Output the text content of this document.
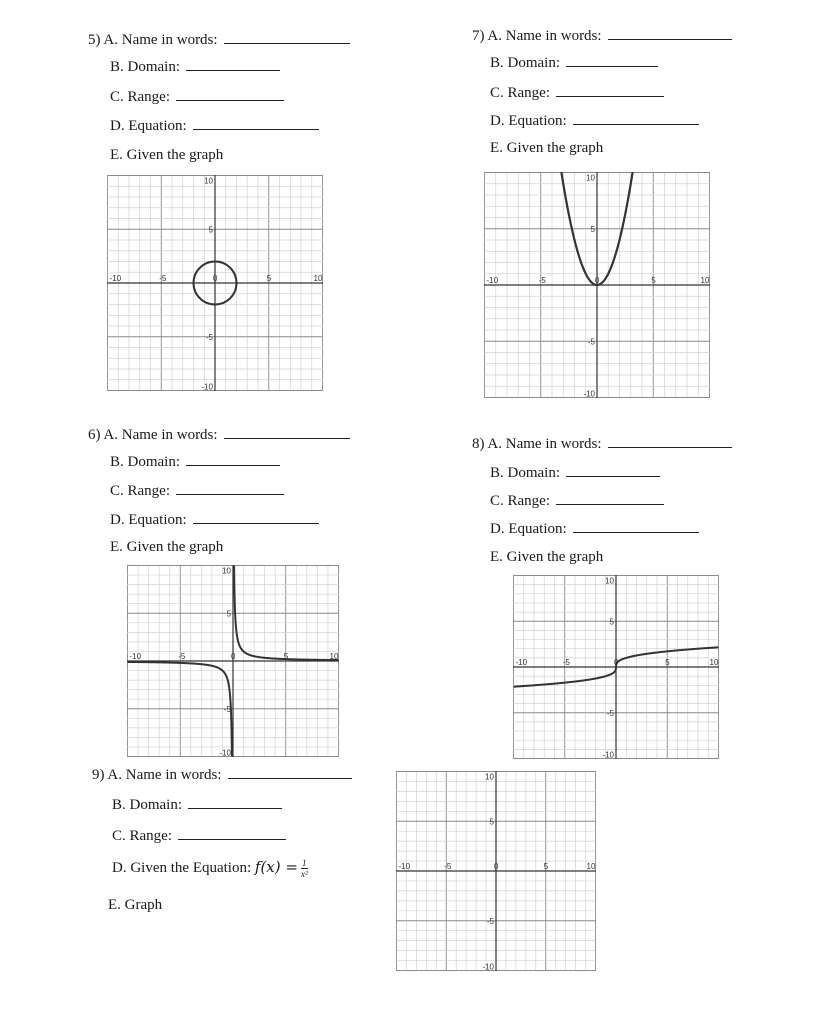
5) A. Name in words:
B. Domain:
C. Range:
D. Equation:
E. Given the graph
-10	-5	0	5	10
10
5
-5
-10
7) A. Name in words:
B. Domain:
C. Range:
D. Equation:
E. Given the graph
-10	-5	0	5	10
10
5
-5
-10
6) A. Name in words:
B. Domain:
C. Range:
D. Equation:
E. Given the graph
-10	-5	0	5	10
10
5
-5
-10
8) A. Name in words:
B. Domain:
C. Range:
D. Equation:
E. Given the graph
-10	-5	0	5	10
10
5
-5
-10
9) A. Name in words:
B. Domain:
C. Range:
D. Given the Equation: $f(x) = \frac{1}{\text{x²}}$
E. Graph
-10	-5	0	5	10
10
5
-5
-10
